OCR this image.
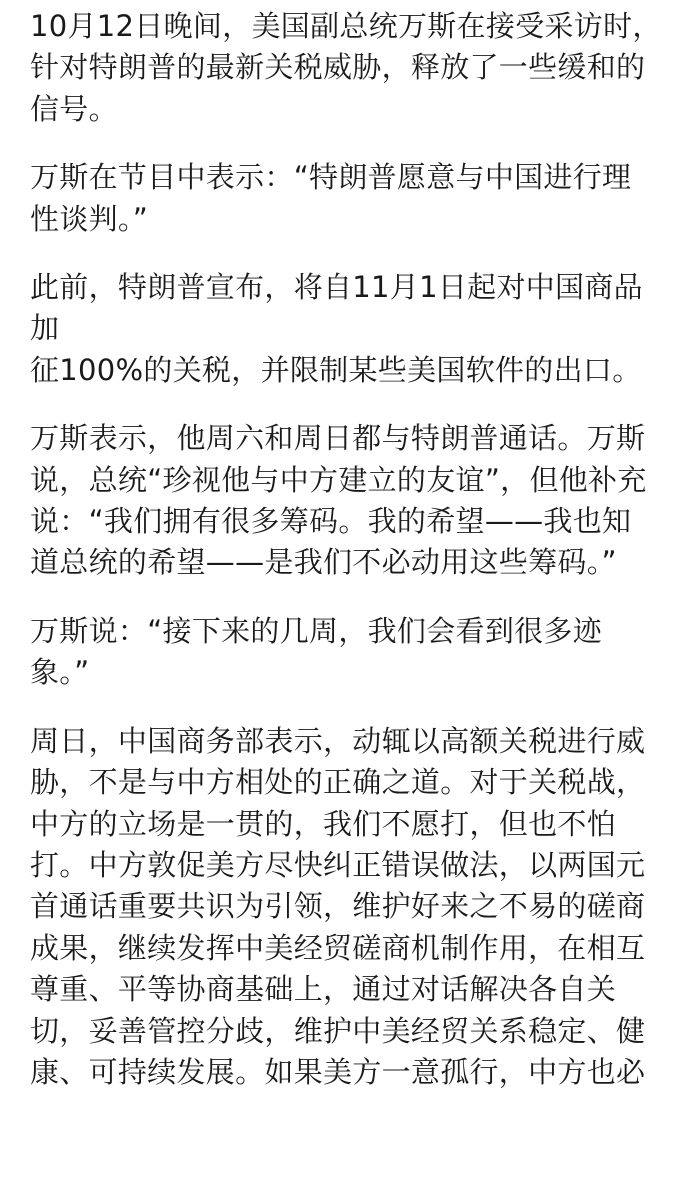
10月12日晚间，美国副总统万斯在接受采访时，
针对特朗普的最新关税威胁，释放了一些缓和的
信号。

万斯在节目中表示：“特朗普愿意与中国进行理
性谈判。”

此前，特朗普宣布，将自11月1日起对中国商品加
征100%的关税，并限制某些美国软件的出口。

万斯表示，他周六和周日都与特朗普通话。万斯
说，总统“珍视他与中方建立的友谊”，但他补充
说：“我们拥有很多筹码。我的希望——我也知
道总统的希望——是我们不必动用这些筹码。”

万斯说：“接下来的几周，我们会看到很多迹
象。”

周日，中国商务部表示，动辄以高额关税进行威
胁，不是与中方相处的正确之道。对于关税战，
中方的立场是一贯的，我们不愿打，但也不怕
打。中方敦促美方尽快纠正错误做法，以两国元
首通话重要共识为引领，维护好来之不易的磋商
成果，继续发挥中美经贸磋商机制作用，在相互
尊重、平等协商基础上，通过对话解决各自关
切，妥善管控分歧，维护中美经贸关系稳定、健
康、可持续发展。如果美方一意孤行，中方也必
